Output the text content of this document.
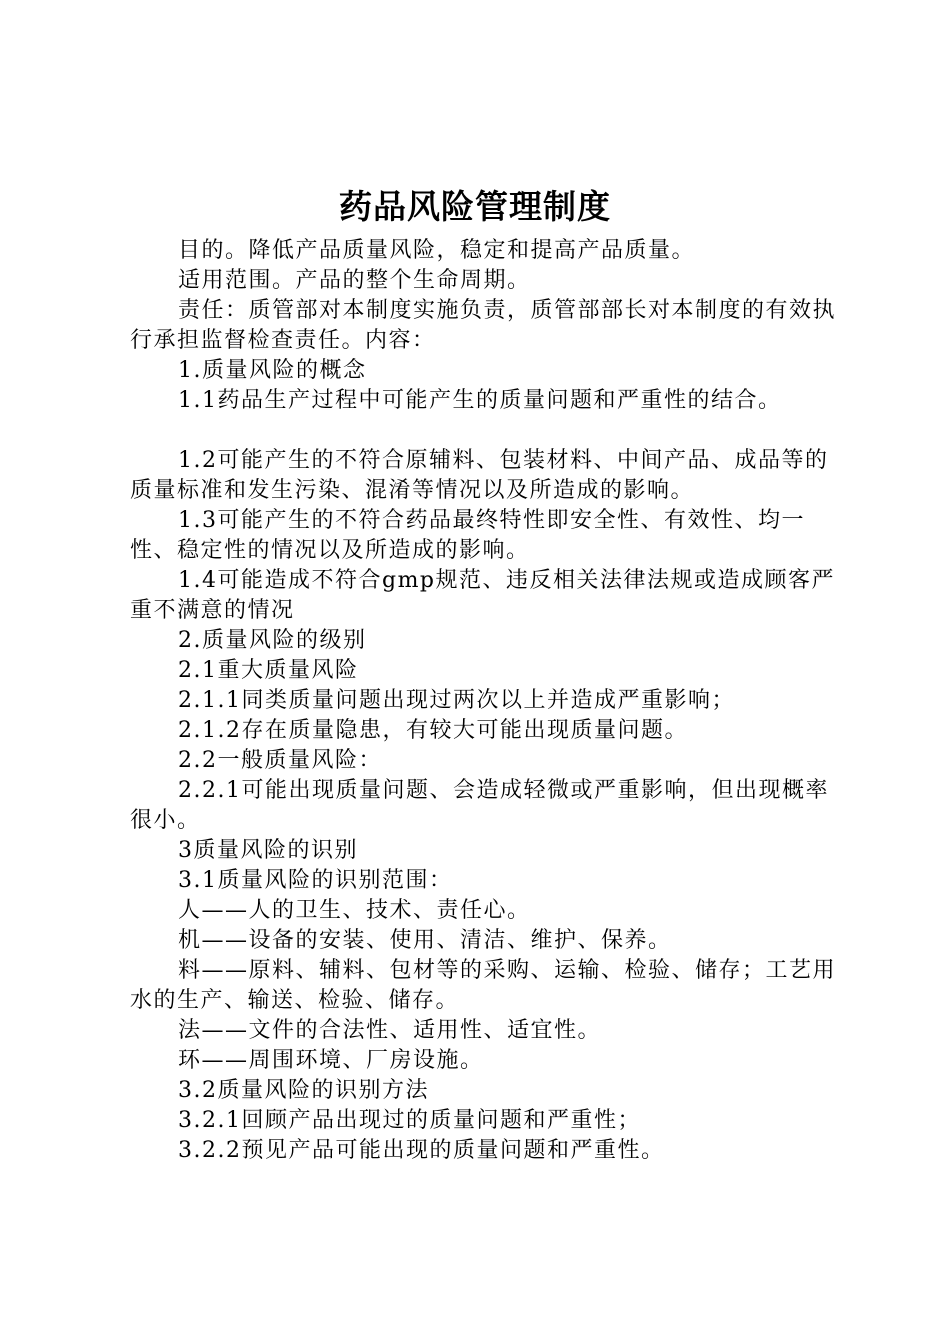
药品风险管理制度

目的。降低产品质量风险，稳定和提高产品质量。

适用范围。产品的整个生命周期。

责任：质管部对本制度实施负责，质管部部长对本制度的有效执行承担监督检查责任。内容：

1.质量风险的概念

1.1药品生产过程中可能产生的质量问题和严重性的结合。

1.2可能产生的不符合原辅料、包装材料、中间产品、成品等的质量标准和发生污染、混淆等情况以及所造成的影响。

1.3可能产生的不符合药品最终特性即安全性、有效性、均一性、稳定性的情况以及所造成的影响。

1.4可能造成不符合gmp规范、违反相关法律法规或造成顾客严重不满意的情况

2.质量风险的级别

2.1重大质量风险

2.1.1同类质量问题出现过两次以上并造成严重影响；

2.1.2存在质量隐患，有较大可能出现质量问题。

2.2一般质量风险：

2.2.1可能出现质量问题、会造成轻微或严重影响，但出现概率很小。

3质量风险的识别

3.1质量风险的识别范围：

人——人的卫生、技术、责任心。

机——设备的安装、使用、清洁、维护、保养。

料——原料、辅料、包材等的采购、运输、检验、储存；工艺用水的生产、输送、检验、储存。

法——文件的合法性、适用性、适宜性。

环——周围环境、厂房设施。

3.2质量风险的识别方法

3.2.1回顾产品出现过的质量问题和严重性；

3.2.2预见产品可能出现的质量问题和严重性。
